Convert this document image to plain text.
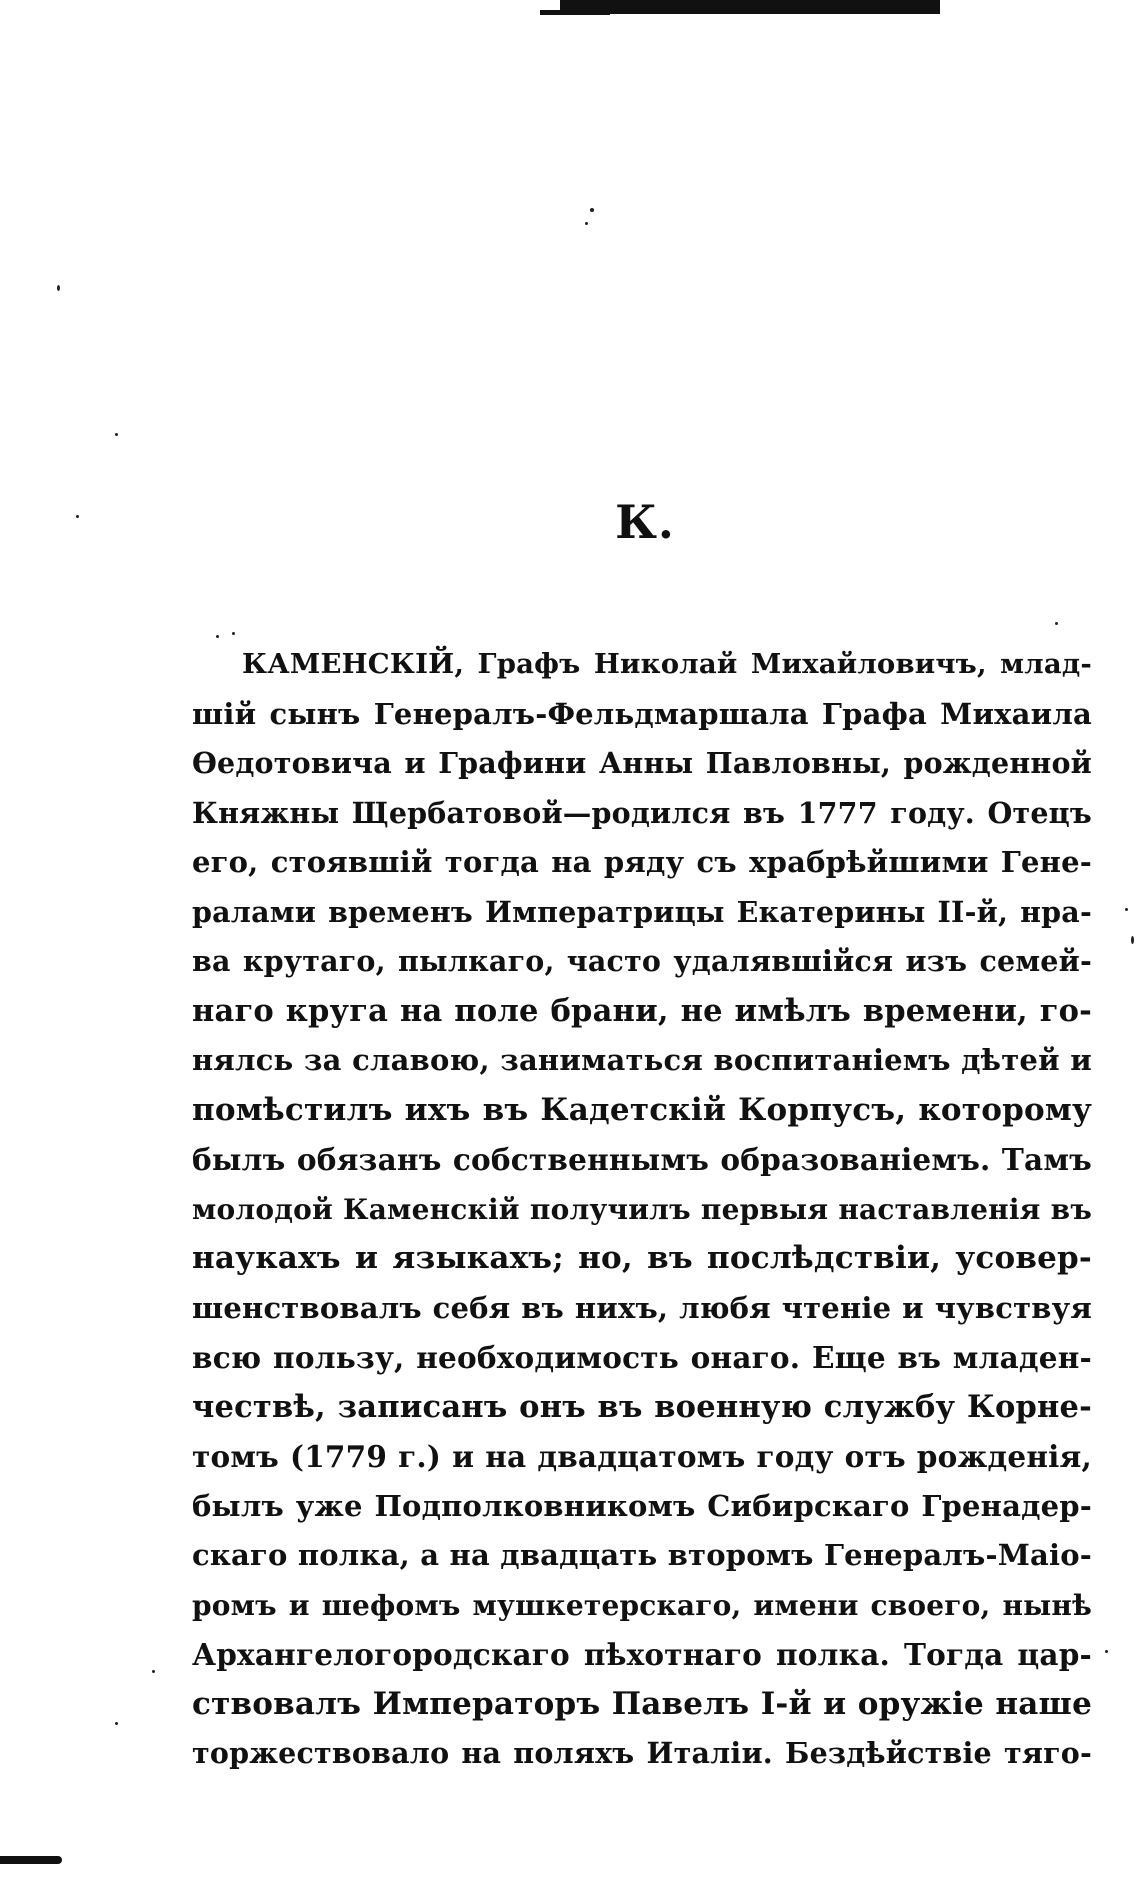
К.
КАМЕНСКІЙ, Графъ Николай Михайловичъ, млад-
шій сынъ Генералъ-Фельдмаршала Графа Михаила
Ѳедотовича и Графини Анны Павловны, рожденной
Княжны Щербатовой—родился въ 1777 году. Отецъ
его, стоявшій тогда на ряду съ храбрѣйшими Гене-
ралами временъ Императрицы Екатерины II-й, нра-
ва крутаго, пылкаго, часто удалявшійся изъ семей-
наго круга на поле брани, не имѣлъ времени, го-
нялсь за славою, заниматься воспитаніемъ дѣтей и
помѣстилъ ихъ въ Кадетскій Корпусъ, которому
былъ обязанъ собственнымъ образованіемъ. Тамъ
молодой Каменскій получилъ первыя наставленія въ
наукахъ и языкахъ; но, въ послѣдствіи, усовер-
шенствовалъ себя въ нихъ, любя чтеніе и чувствуя
всю пользу, необходимость онаго. Еще въ младен-
чествѣ, записанъ онъ въ военную службу Корне-
томъ (1779 г.) и на двадцатомъ году отъ рожденія,
былъ уже Подполковникомъ Сибирскаго Гренадер-
скаго полка, а на двадцать второмъ Генералъ-Маіо-
ромъ и шефомъ мушкетерскаго, имени своего, нынѣ
Архангелогородскаго пѣхотнаго полка. Тогда цар-
ствовалъ Императоръ Павелъ І-й и оружіе наше
торжествовало на поляхъ Италіи. Бездѣйствіе тяго-
